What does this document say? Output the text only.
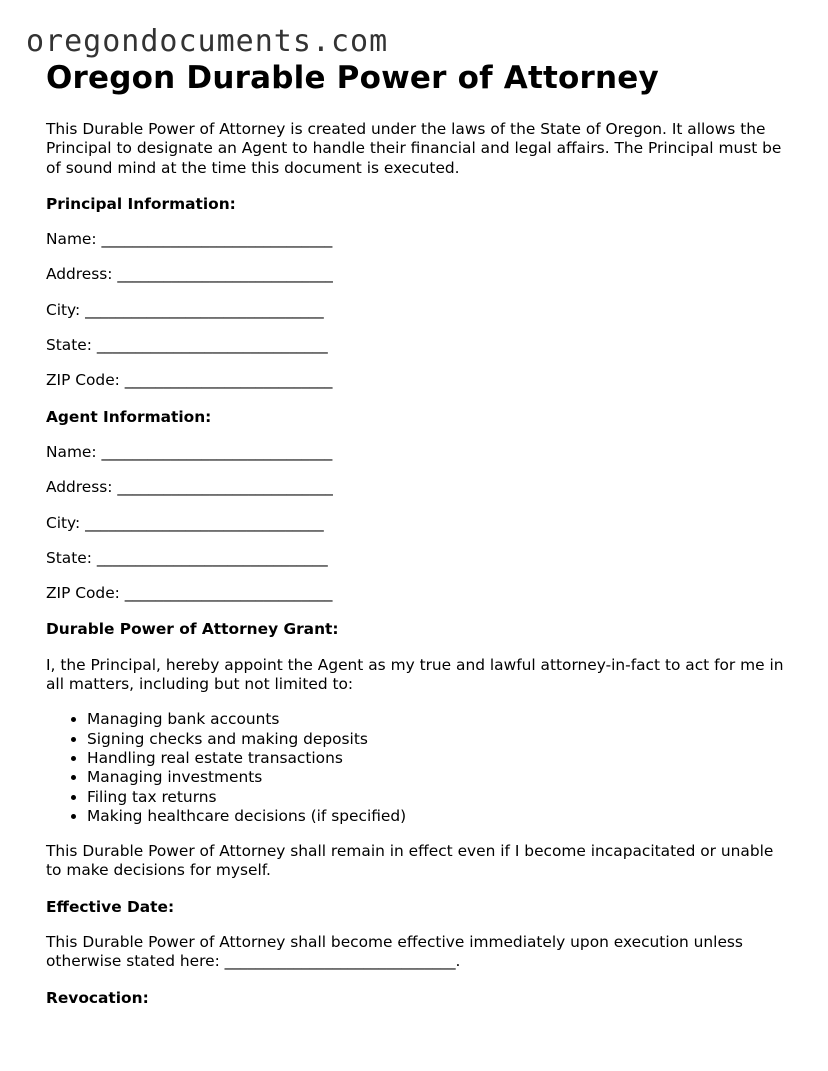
oregondocuments.com
Oregon Durable Power of Attorney

This Durable Power of Attorney is created under the laws of the State of Oregon. It allows the Principal to designate an Agent to handle their financial and legal affairs. The Principal must be of sound mind at the time this document is executed.

Principal Information:
Name: ______________________________
Address: ____________________________
City: _______________________________
State: ______________________________
ZIP Code: ___________________________
Agent Information:
Name: ______________________________
Address: ____________________________
City: _______________________________
State: ______________________________
ZIP Code: ___________________________
Durable Power of Attorney Grant:

I, the Principal, hereby appoint the Agent as my true and lawful attorney-in-fact to act for me in all matters, including but not limited to:

• Managing bank accounts
• Signing checks and making deposits
• Handling real estate transactions
• Managing investments
• Filing tax returns
• Making healthcare decisions (if specified)

This Durable Power of Attorney shall remain in effect even if I become incapacitated or unable to make decisions for myself.

Effective Date:

This Durable Power of Attorney shall become effective immediately upon execution unless otherwise stated here: ______________________________.

Revocation:
